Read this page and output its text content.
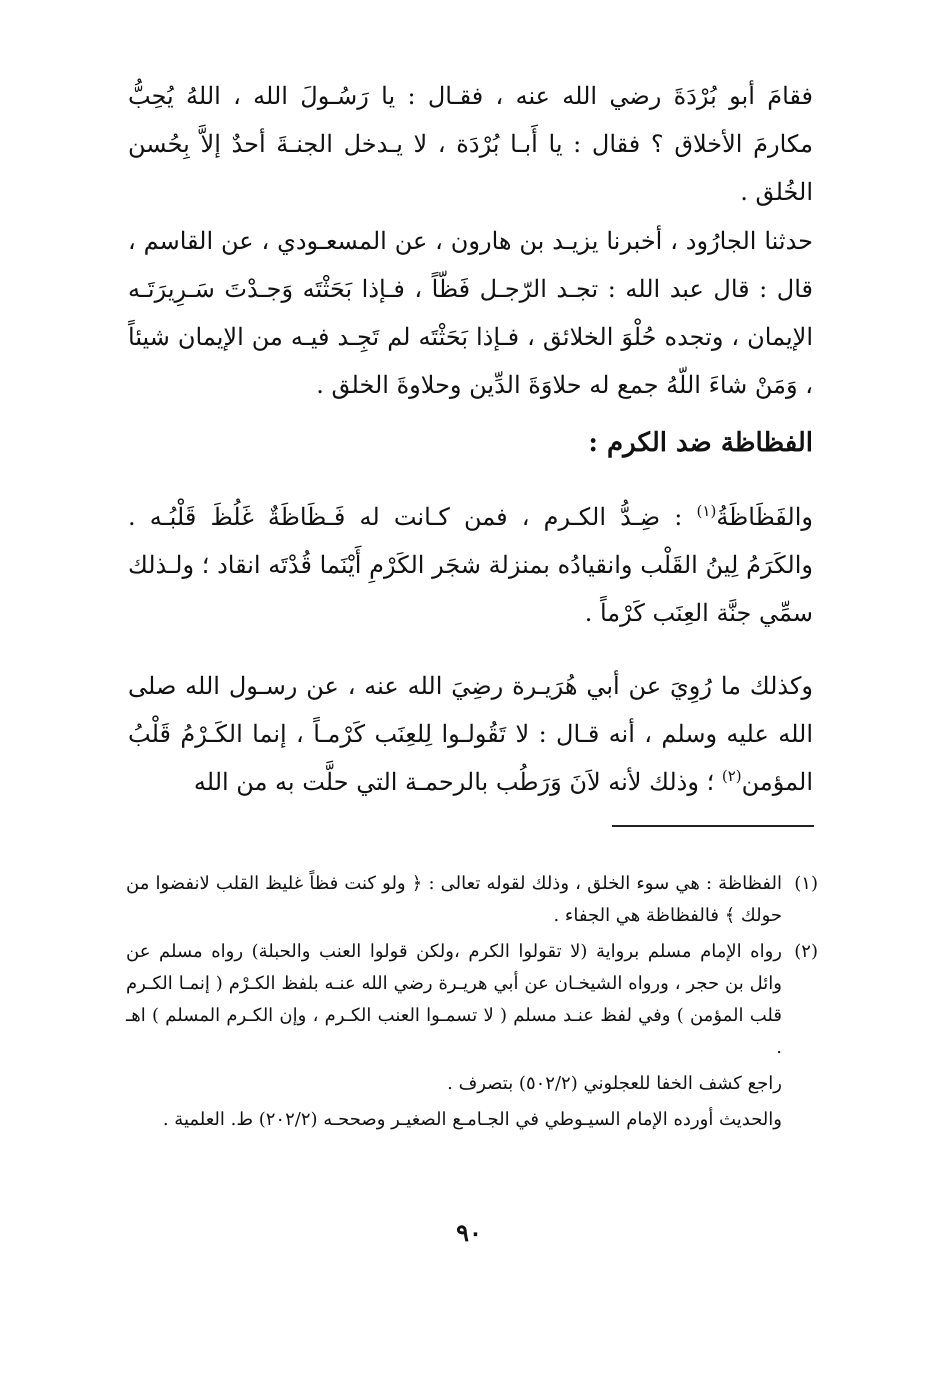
فقامَ أبو بُرْدَةَ رضي الله عنه ، فقـال : يا رَسُـولَ الله ، اللهُ يُحِبُّ مكارمَ الأخلاق ؟ فقال : يا أَبـا بُرْدَة ، لا يـدخل الجنـةَ أحدٌ إلاَّ بِحُسن الخُلق .

حدثنا الجارُود ، أخبرنا يزيـد بن هارون ، عن المسعـودي ، عن القاسم ، قال : قال عبد الله : تجـد الرّجـل فَظّاً ، فـإذا بَحَثْتَه وَجـدْتَ سَـرِيرَتَـه الإيمان ، وتجده حُلْوَ الخلائق ، فـإذا بَحَثْتَه لم تَجِـد فيـه من الإيمان شيئاً ، وَمَنْ شاءَ اللّهُ جمع له حلاوَةَ الدِّين وحلاوةَ الخلق .

الفظاظة ضد الكرم :

والفَظَاظَةُ$^{(١)}$ : ضِـدُّ الكـرم ، فمن كـانت له فَـظَاظَةٌ غَلُظَ قَلْبُـه . والكَرَمُ لِينُ القَلْب وانقيادُه بمنزلة شجَر الكَرْمِ أَيْنَما قُدْتَه انقاد ؛ ولـذلك سمِّي جنَّة العِنَب كَرْماً .

وكذلك ما رُوِيَ عن أبي هُرَيـرة رضِيَ الله عنه ، عن رسـول الله صلى الله عليه وسلم ، أنه قـال : لا تَقُولـوا لِلعِنَب كَرْمـاً ، إنما الكَـرْمُ قَلْبُ المؤمن$^{(٢)}$ ؛ وذلك لأنه لاَنَ وَرَطُب بالرحمـة التي حلَّت به من الله

(١)
الفظاظة : هي سوء الخلق ، وذلك لقوله تعالى : ﴿ ولو كنت فظاً غليظ القلب لانفضوا من حولك ﴾ فالفظاظة هي الجفاء .

(٢)
رواه الإمام مسلم برواية (لا تقولوا الكرم ،ولكن قولوا العنب والحبلة) رواه مسلم عن وائل بن حجر ، ورواه الشيخـان عن أبي هريـرة رضي الله عنـه بلفظ الكـرْم ( إنمـا الكـرم قلب المؤمن ) وفي لفظ عنـد مسلم ( لا تسمـوا العنب الكـرم ، وإن الكـرم المسلم ) اهـ .

راجع كشف الخفا للعجلوني (٥٠٢/٢) بتصرف .

والحديث أورده الإمام السيـوطي في الجـامـع الصغيـر وصححـه (٢٠٢/٢) ط. العلمية .

٩٠
